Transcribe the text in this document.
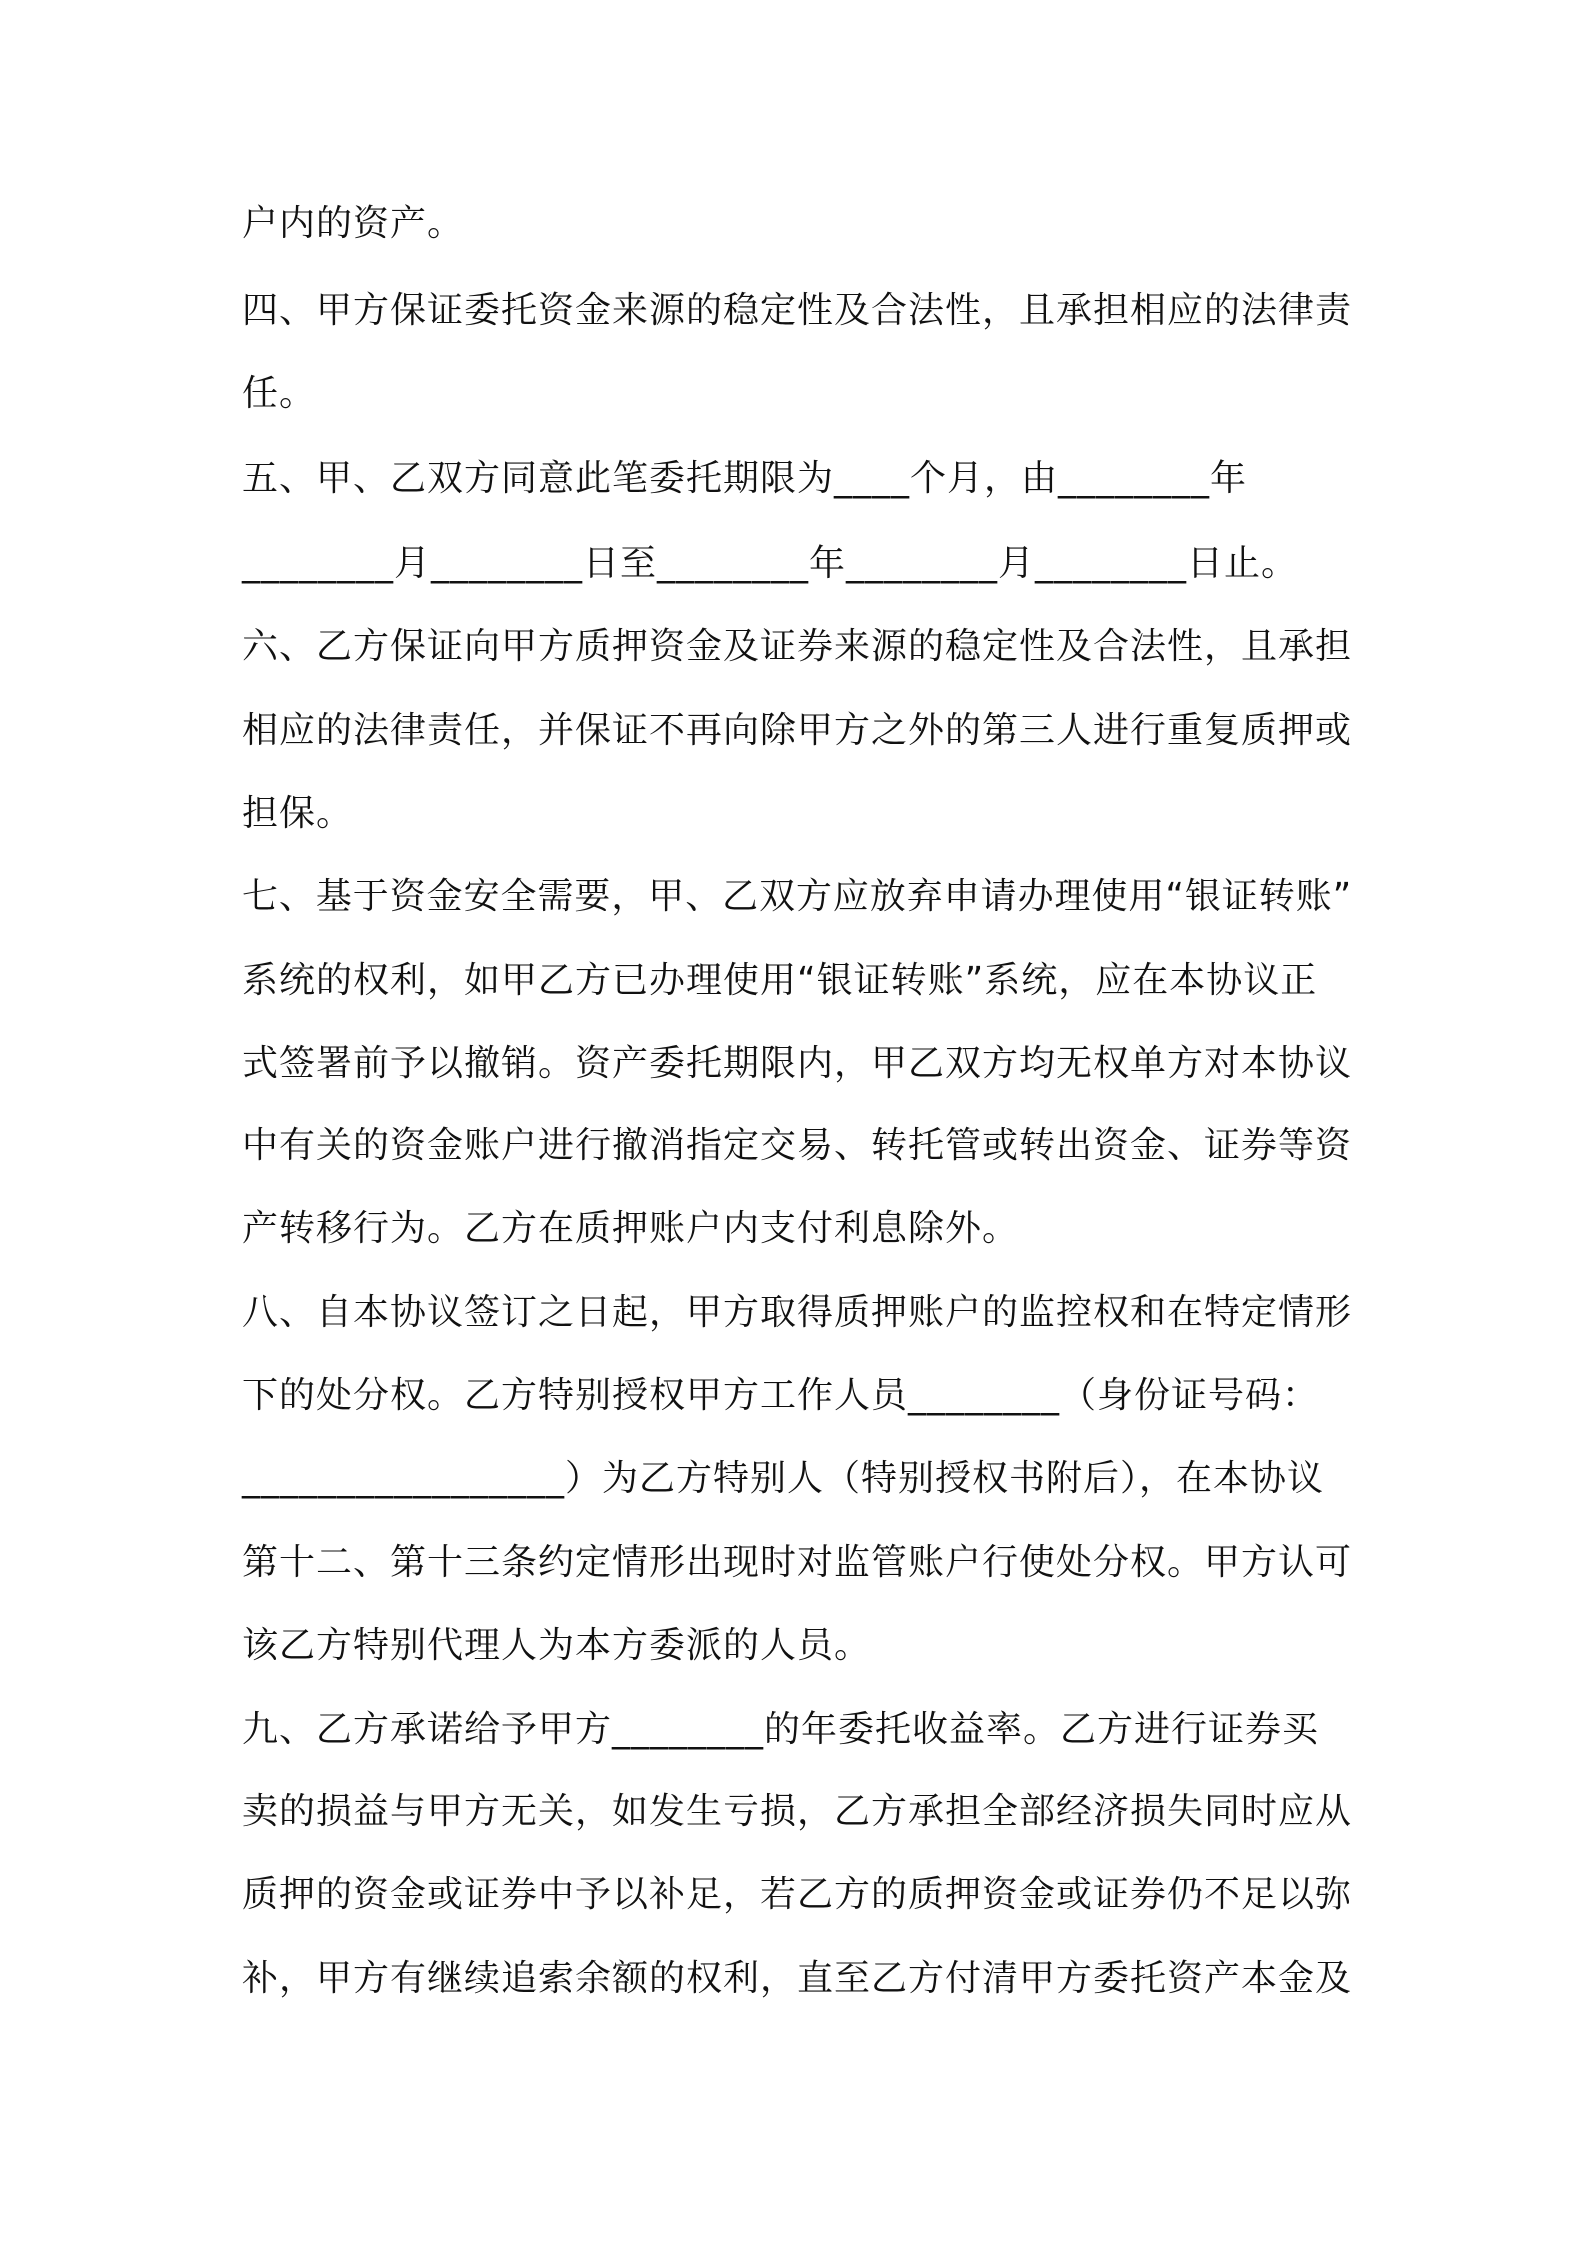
户内的资产。
四、甲方保证委托资金来源的稳定性及合法性，且承担相应的法律责
任。
五、甲、乙双方同意此笔委托期限为____个月，由________年
________月________日至________年________月________日止。
六、乙方保证向甲方质押资金及证券来源的稳定性及合法性，且承担
相应的法律责任，并保证不再向除甲方之外的第三人进行重复质押或
担保。
七、基于资金安全需要，甲、乙双方应放弃申请办理使用“银证转账”
系统的权利，如甲乙方已办理使用“银证转账”系统，应在本协议正
式签署前予以撤销。资产委托期限内，甲乙双方均无权单方对本协议
中有关的资金账户进行撤消指定交易、转托管或转出资金、证券等资
产转移行为。乙方在质押账户内支付利息除外。
八、自本协议签订之日起，甲方取得质押账户的监控权和在特定情形
下的处分权。乙方特别授权甲方工作人员________（身份证号码：
_________________）为乙方特别人（特别授权书附后），在本协议
第十二、第十三条约定情形出现时对监管账户行使处分权。甲方认可
该乙方特别代理人为本方委派的人员。
九、乙方承诺给予甲方________的年委托收益率。乙方进行证券买
卖的损益与甲方无关，如发生亏损，乙方承担全部经济损失同时应从
质押的资金或证券中予以补足，若乙方的质押资金或证券仍不足以弥
补，甲方有继续追索余额的权利，直至乙方付清甲方委托资产本金及
